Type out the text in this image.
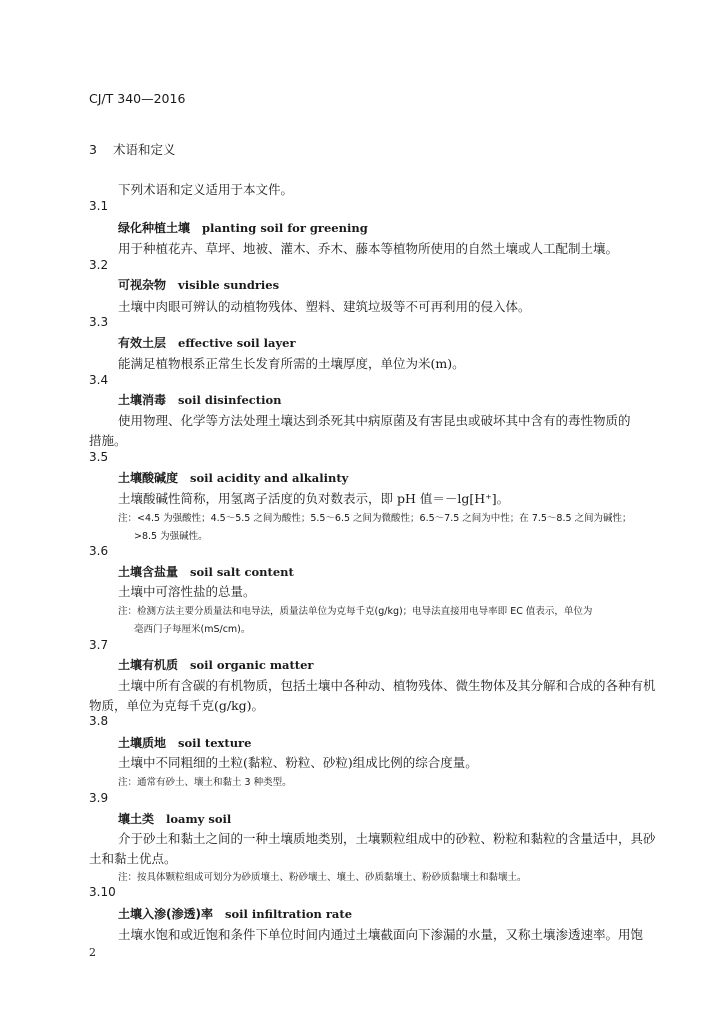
CJ/T 340—2016
3 术语和定义
下列术语和定义适用于本文件。
3.1
绿化种植土壤 planting soil for greening
用于种植花卉、草坪、地被、灌木、乔木、藤本等植物所使用的自然土壤或人工配制土壤。
3.2
可视杂物 visible sundries
土壤中肉眼可辨认的动植物残体、塑料、建筑垃圾等不可再利用的侵入体。
3.3
有效土层 effective soil layer
能满足植物根系正常生长发育所需的土壤厚度，单位为米(m)。
3.4
土壤消毒 soil disinfection
使用物理、化学等方法处理土壤达到杀死其中病原菌及有害昆虫或破坏其中含有的毒性物质的
措施。
3.5
土壤酸碱度 soil acidity and alkalinty
土壤酸碱性简称，用氢离子活度的负对数表示，即 pH 值＝－lg[H⁺]。
注：<4.5 为强酸性；4.5～5.5 之间为酸性；5.5～6.5 之间为微酸性；6.5～7.5 之间为中性；在 7.5～8.5 之间为碱性；
>8.5 为强碱性。
3.6
土壤含盐量 soil salt content
土壤中可溶性盐的总量。
注：检测方法主要分质量法和电导法，质量法单位为克每千克(g/kg)；电导法直接用电导率即 EC 值表示，单位为
毫西门子每厘米(mS/cm)。
3.7
土壤有机质 soil organic matter
土壤中所有含碳的有机物质，包括土壤中各种动、植物残体、微生物体及其分解和合成的各种有机
物质，单位为克每千克(g/kg)。
3.8
土壤质地 soil texture
土壤中不同粗细的土粒(黏粒、粉粒、砂粒)组成比例的综合度量。
注：通常有砂土、壤土和黏土 3 种类型。
3.9
壤土类 loamy soil
介于砂土和黏土之间的一种土壤质地类别，土壤颗粒组成中的砂粒、粉粒和黏粒的含量适中，具砂
土和黏土优点。
注：按具体颗粒组成可划分为砂质壤土、粉砂壤土、壤土、砂质黏壤土、粉砂质黏壤土和黏壤土。
3.10
土壤入渗(渗透)率 soil infiltration rate
土壤水饱和或近饱和条件下单位时间内通过土壤截面向下渗漏的水量，又称土壤渗透速率。用饱
2
